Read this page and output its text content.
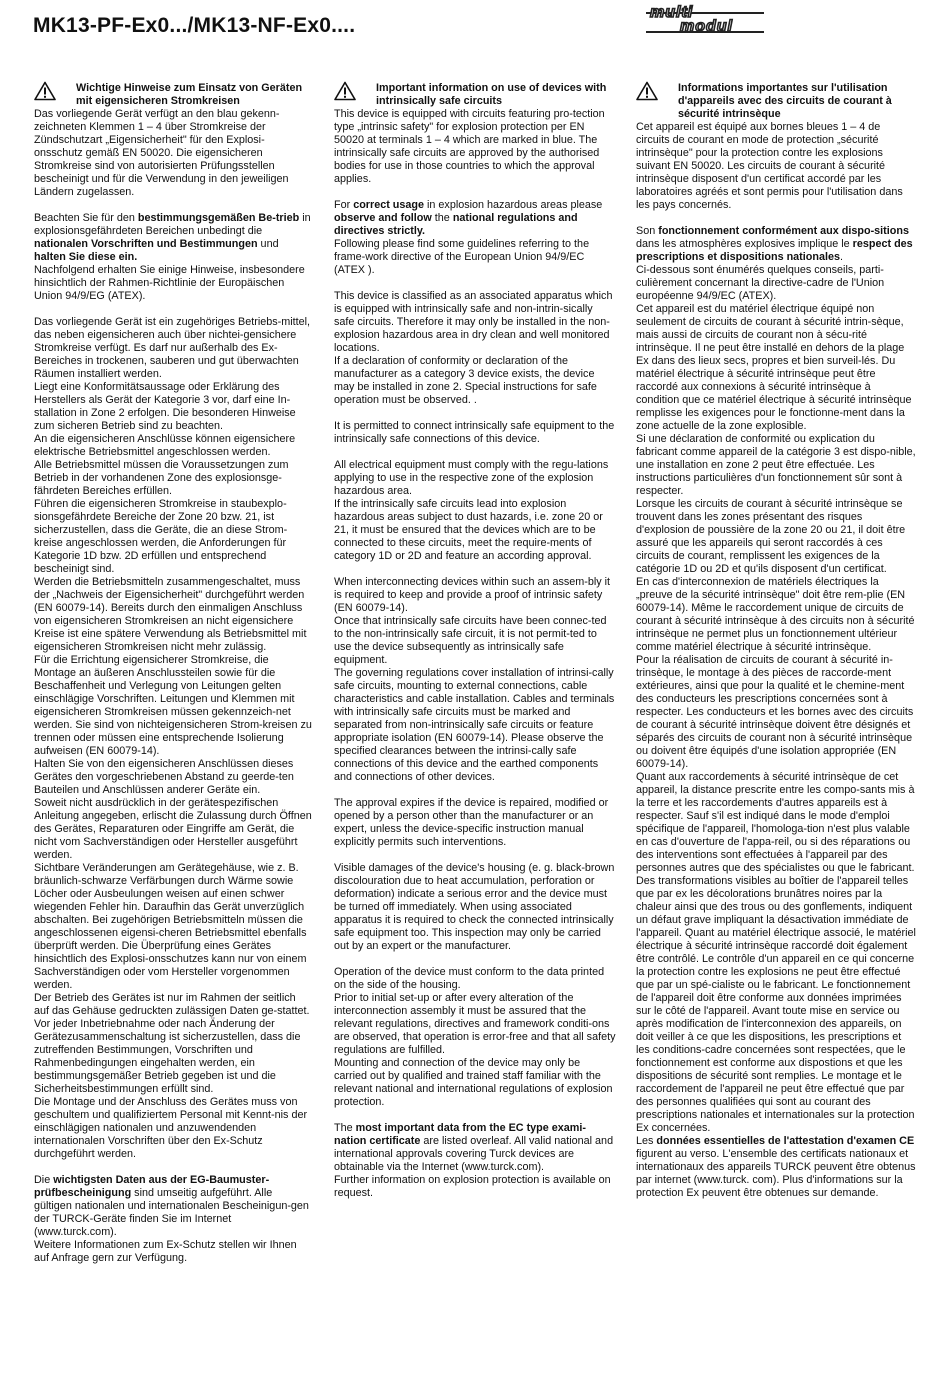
MK13-PF-Ex0.../MK13-NF-Ex0....
multi
modul
Wichtige Hinweise zum Einsatz von Geräten mit eigensicheren Stromkreisen

Das vorliegende Gerät verfügt an den blau gekenn-zeichneten Klemmen 1 – 4 über Stromkreise der Zündschutzart „Eigensicherheit" für den Explosi-onsschutz gemäß EN 50020. Die eigensicheren Stromkreise sind von autorisierten Prüfungsstellen bescheinigt und für die Verwendung in den jeweiligen Ländern zugelassen.

Beachten Sie für den bestimmungsgemäßen Be-trieb in explosionsgefährdeten Bereichen unbedingt die nationalen Vorschriften und Bestimmungen und halten Sie diese ein.

Nachfolgend erhalten Sie einige Hinweise, insbesondere hinsichtlich der Rahmen-Richtlinie der Europäischen Union 94/9/EG (ATEX).

Das vorliegende Gerät ist ein zugehöriges Betriebs-mittel, das neben eigensicheren auch über nichtei-gensichere Stromkreise verfügt. Es darf nur außerhalb des Ex-Bereiches in trockenen, sauberen und gut überwachten Räumen installiert werden.

Liegt eine Konformitätsaussage oder Erklärung des Herstellers als Gerät der Kategorie 3 vor, darf eine In-stallation in Zone 2 erfolgen. Die besonderen Hinweise zum sicheren Betrieb sind zu beachten.

An die eigensicheren Anschlüsse können eigensichere elektrische Betriebsmittel angeschlossen werden.

Alle Betriebsmittel müssen die Voraussetzungen zum Betrieb in der vorhandenen Zone des explosionsge-fährdeten Bereiches erfüllen.

Führen die eigensicheren Stromkreise in staubexplo-sionsgefährdete Bereiche der Zone 20 bzw. 21, ist sicherzustellen, dass die Geräte, die an diese Strom-kreise angeschlossen werden, die Anforderungen für Kategorie 1D bzw. 2D erfüllen und entsprechend bescheinigt sind.

Werden die Betriebsmitteln zusammengeschaltet, muss der „Nachweis der Eigensicherheit" durchgeführt werden (EN 60079-14). Bereits durch den einmaligen Anschluss von eigensicheren Stromkreisen an nicht eigensichere Kreise ist eine spätere Verwendung als Betriebsmittel mit eigensicheren Stromkreisen nicht mehr zulässig.

Für die Errichtung eigensicherer Stromkreise, die Montage an äußeren Anschlussteilen sowie für die Beschaffenheit und Verlegung von Leitungen gelten einschlägige Vorschriften. Leitungen und Klemmen mit eigensicheren Stromkreisen müssen gekennzeich-net werden. Sie sind von nichteigensicheren Strom-kreisen zu trennen oder müssen eine entsprechende Isolierung aufweisen (EN 60079-14).

Halten Sie von den eigensicheren Anschlüssen dieses Gerätes den vorgeschriebenen Abstand zu geerde-ten Bauteilen und Anschlüssen anderer Geräte ein.

Soweit nicht ausdrücklich in der gerätespezifischen Anleitung angegeben, erlischt die Zulassung durch Öffnen des Gerätes, Reparaturen oder Eingriffe am Gerät, die nicht vom Sachverständigen oder Hersteller ausgeführt werden.

Sichtbare Veränderungen am Gerätegehäuse, wie z. B. bräunlich-schwarze Verfärbungen durch Wärme sowie Löcher oder Ausbeulungen weisen auf einen schwer wiegenden Fehler hin. Daraufhin das Gerät unverzüglich abschalten. Bei zugehörigen Betriebsmitteln müssen die angeschlossenen eigensi-cheren Betriebsmittel ebenfalls überprüft werden. Die Überprüfung eines Gerätes hinsichtlich des Explosi-onsschutzes kann nur von einem Sachverständigen oder vom Hersteller vorgenommen werden.

Der Betrieb des Gerätes ist nur im Rahmen der seitlich auf das Gehäuse gedruckten zulässigen Daten ge-stattet. Vor jeder Inbetriebnahme oder nach Änderung der Gerätezusammenschaltung ist sicherzustellen, dass die zutreffenden Bestimmungen, Vorschriften und Rahmenbedingungen eingehalten werden, ein bestimmungsgemäßer Betrieb gegeben ist und die Sicherheitsbestimmungen erfüllt sind.

Die Montage und der Anschluss des Gerätes muss von geschultem und qualifiziertem Personal mit Kennt-nis der einschlägigen nationalen und anzuwendenden internationalen Vorschriften über den Ex-Schutz durchgeführt werden.

Die wichtigsten Daten aus der EG-Baumuster-prüfbescheinigung sind umseitig aufgeführt. Alle gültigen nationalen und internationalen Bescheinigun-gen der TURCK-Geräte finden Sie im Internet (www.turck.com).

Weitere Informationen zum Ex-Schutz stellen wir Ihnen auf Anfrage gern zur Verfügung.

Important information on use of devices with intrinsically safe circuits

This device is equipped with circuits featuring pro-tection type „intrinsic safety" for explosion protection per EN 50020 at terminals 1 – 4 which are marked in blue. The intrinsically safe circuits are approved by the authorised bodies for use in those countries to which the approval applies.

For correct usage in explosion hazardous areas please observe and follow the national regulations and directives strictly.

Following please find some guidelines referring to the frame-work directive of the European Union 94/9/EC (ATEX ).

This device is classified as an associated apparatus which is equipped with intrinsically safe and non-intrin-sically safe circuits. Therefore it may only be installed in the non-explosion hazardous area in dry clean and well monitored locations.

If a declaration of conformity or declaration of the manufacturer as a category 3 device exists, the device may be installed in zone 2. Special instructions for safe operation must be observed. .

It is permitted to connect intrinsically safe equipment to the intrinsically safe connections of this device.

All electrical equipment must comply with the regu-lations applying to use in the respective zone of the explosion hazardous area.

If the intrinsically safe circuits lead into explosion hazardous areas subject to dust hazards, i.e. zone 20 or 21, it must be ensured that the devices which are to be connected to these circuits, meet the require-ments of category 1D or 2D and feature an according approval.

When interconnecting devices within such an assem-bly it is required to keep and provide a proof of intrinsic safety (EN 60079-14).

Once that intrinsically safe circuits have been connec-ted to the non-intrinsically safe circuit, it is not permit-ted to use the device subsequently as intrinsically safe equipment.

The governing regulations cover installation of intrinsi-cally safe circuits, mounting to external connections, cable characteristics and cable installation. Cables and terminals with intrinsically safe circuits must be marked and separated from non-intrinsically safe circuits or feature appropriate isolation (EN 60079-14). Please observe the specified clearances between the intrinsi-cally safe connections of this device and the earthed components and connections of other devices.

The approval expires if the device is repaired, modified or opened by a person other than the manufacturer or an expert, unless the device-specific instruction manual explicitly permits such interventions.

Visible damages of the device's housing (e. g. black-brown discolouration due to heat accumulation, perforation or deformation) indicate a serious error and the device must be turned off immediately. When using associated apparatus it is required to check the connected intrinsically safe equipment too. This inspection may only be carried out by an expert or the manufacturer.

Operation of the device must conform to the data printed on the side of the housing.

Prior to initial set-up or after every alteration of the interconnection assembly it must be assured that the relevant regulations, directives and framework conditi-ons are observed, that operation is error-free and that all safety regulations are fulfilled.

Mounting and connection of the device may only be carried out by qualified and trained staff familiar with the relevant national and international regulations of explosion protection.

The most important data from the EC type exami-nation certificate are listed overleaf. All valid national and international approvals covering Turck devices are obtainable via the Internet (www.turck.com).

Further information on explosion protection is available on request.

Informations importantes sur l'utilisation d'appareils avec des circuits de courant à sécurité intrinsèque

Cet appareil est équipé aux bornes bleues 1 – 4 de circuits de courant en mode de protection „sécurité intrinsèque" pour la protection contre les explosions suivant EN 50020. Les circuits de courant à sécurité intrinsèque disposent d'un certificat accordé par les laboratoires agréés et sont permis pour l'utilisation dans les pays concernés.

Son fonctionnement conformément aux dispo-sitions dans les atmosphères explosives implique le respect des prescriptions et dispositions nationales.

Ci-dessous sont énumérés quelques conseils, parti-culièrement concernant la directive-cadre de l'Union européenne 94/9/EC (ATEX).

Cet appareil est du matériel électrique équipé non seulement de circuits de courant à sécurité intrin-sèque, mais aussi de circuits de courant non à sécu-rité intrinsèque. Il ne peut être installé en dehors de la plage Ex dans des lieux secs, propres et bien surveil-lés. Du matériel électrique à sécurité intrinsèque peut être raccordé aux connexions à sécurité intrinsèque à condition que ce matériel électrique à sécurité intrinsèque remplisse les exigences pour le fonctionne-ment dans la zone actuelle de la zone explosible.

Si une déclaration de conformité ou explication du fabricant comme appareil de la catégorie 3 est dispo-nible, une installation en zone 2 peut être effectuée. Les instructions particulières d'un fonctionnement sûr sont à respecter.

Lorsque les circuits de courant à sécurité intrinsèque se trouvent dans les zones présentant des risques d'explosion de poussière de la zone 20 ou 21, il doit être assuré que les appareils qui seront raccordés à ces circuits de courant, remplissent les exigences de la catégorie 1D ou 2D et qu'ils disposent d'un certificat.

En cas d'interconnexion de matériels électriques la „preuve de la sécurité intrinsèque" doit être rem-plie (EN 60079-14). Même le raccordement unique de circuits de courant à sécurité intrinsèque à des circuits non à sécurité intrinsèque ne permet plus un fonctionnement ultérieur comme matériel électrique à sécurité intrinsèque.

Pour la réalisation de circuits de courant à sécurité in-trinsèque, le montage à des pièces de raccorde-ment extérieures, ainsi que pour la qualité et le chemine-ment des conducteurs les prescriptions concernées sont à respecter. Les conducteurs et les bornes avec des circuits de courant à sécurité intrinsèque doivent être désignés et séparés des circuits de courant non à sécurité intrinsèque ou doivent être équipés d'une isolation appropriée (EN 60079-14).

Quant aux raccordements à sécurité intrinsèque de cet appareil, la distance prescrite entre les compo-sants mis à la terre et les raccordements d'autres appareils est à respecter. Sauf s'il est indiqué dans le mode d'emploi spécifique de l'appareil, l'homologa-tion n'est plus valable en cas d'ouverture de l'appa-reil, ou si des réparations ou des interventions sont effectuées à l'appareil par des personnes autres que des spécialistes ou que le fabricant.

Des transformations visibles au boîtier de l'appareil telles que par ex les décolorations brunâtres noires par la chaleur ainsi que des trous ou des gonflements, indiquent un défaut grave impliquant la désactivation immédiate de l'appareil. Quant au matériel électrique associé, le matériel électrique à sécurité intrinsèque raccordé doit également être contrôlé. Le contrôle d'un appareil en ce qui concerne la protection contre les explosions ne peut être effectué que par un spé-cialiste ou le fabricant. Le fonctionnement de l'appareil doit être conforme aux données imprimées sur le côté de l'appareil. Avant toute mise en service ou après modification de l'interconnexion des appareils, on doit veiller à ce que les dispositions, les prescriptions et les conditions-cadre concernées sont respectées, que le fonctionnement est conforme aux dispostions et que les dispositions de sécurité sont remplies. Le montage et le raccordement de l'appareil ne peut être effectué que par des personnes qualifiées qui sont au courant des prescriptions nationales et internationales sur la protection Ex concernées.

Les données essentielles de l'attestation d'examen CE figurent au verso. L'ensemble des certificats nationaux et internationaux des appareils TURCK peuvent être obtenus par internet (www.turck. com). Plus d'informations sur la protection Ex peuvent être obtenues sur demande.
